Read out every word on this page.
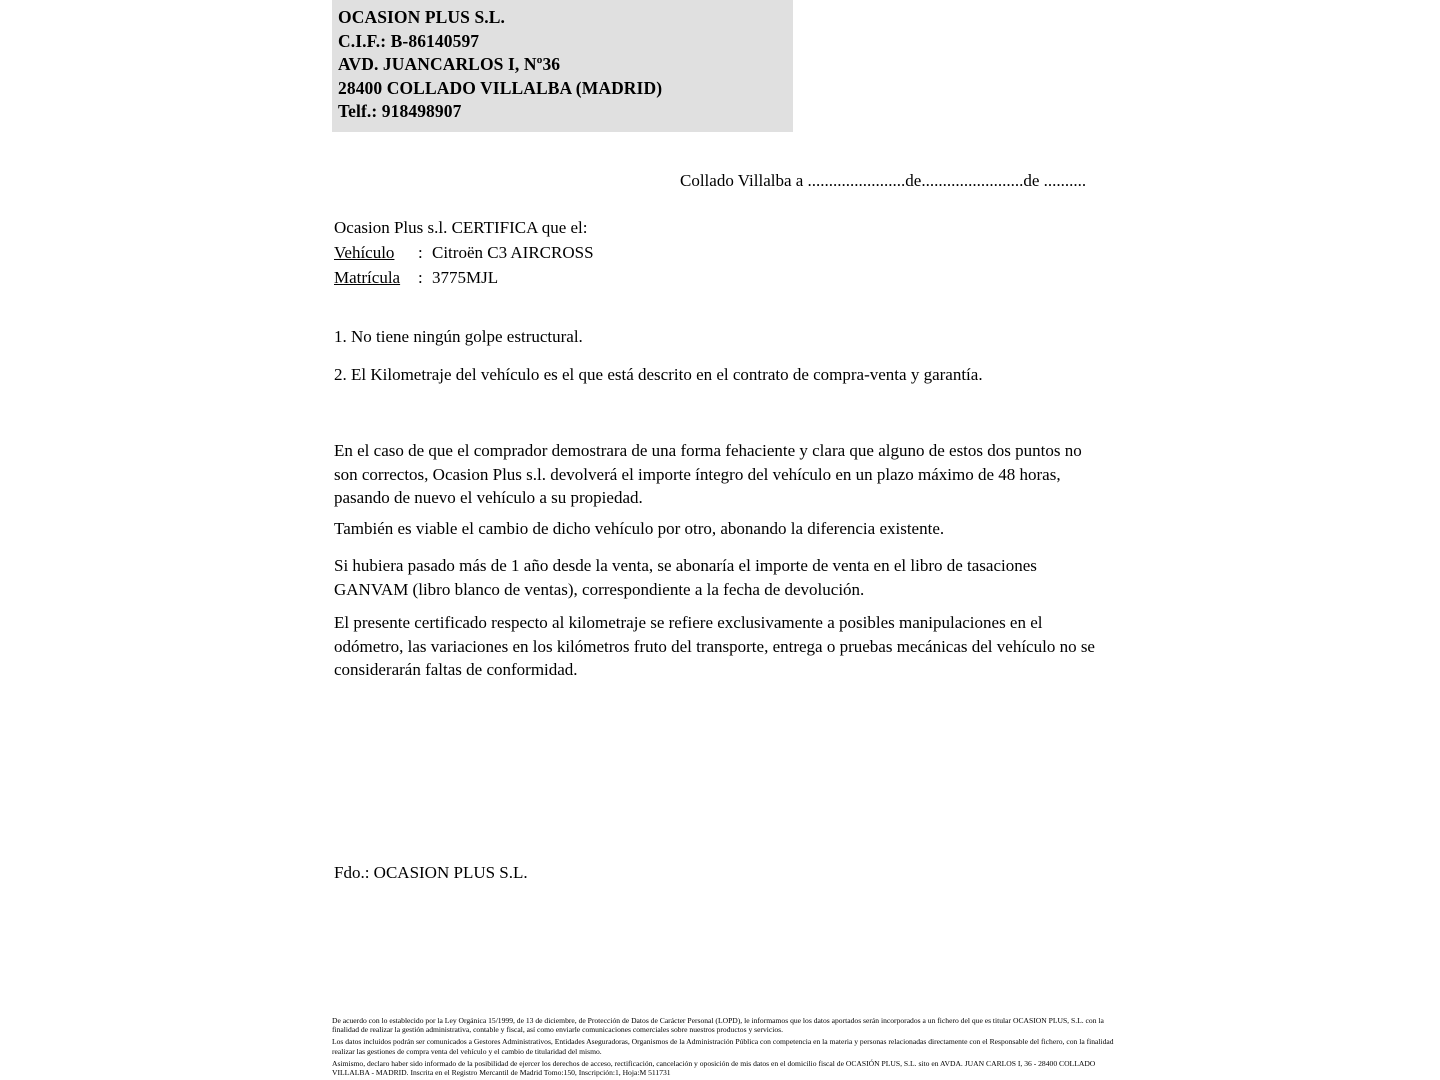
OCASION PLUS S.L.
C.I.F.: B-86140597
AVD. JUANCARLOS I, Nº36
28400 COLLADO VILLALBA (MADRID)
Telf.: 918498907
Collado Villalba a .......................de........................de ..........
Ocasion Plus s.l. CERTIFICA que el:
Vehículo	: Citroën C3 AIRCROSS
Matrícula	: 3775MJL
1. No tiene ningún golpe estructural.
2. El Kilometraje del vehículo es el que está descrito en el contrato de compra-venta y garantía.
En el caso de que el comprador demostrara de una forma fehaciente y clara que alguno de estos dos puntos no son correctos, Ocasion Plus s.l. devolverá el importe íntegro del vehículo en un plazo máximo de 48 horas, pasando de nuevo el vehículo a su propiedad.
También es viable el cambio de dicho vehículo por otro, abonando la diferencia existente.
Si hubiera pasado más de 1 año desde la venta, se abonaría el importe de venta en el libro de tasaciones GANVAM (libro blanco de ventas), correspondiente a la fecha de devolución.
El presente certificado respecto al kilometraje se refiere exclusivamente a posibles manipulaciones en el odómetro, las variaciones en los kilómetros fruto del transporte, entrega o pruebas mecánicas del vehículo no se considerarán faltas de conformidad.
Fdo.: OCASION PLUS S.L.

De acuerdo con lo establecido por la Ley Orgánica 15/1999, de 13 de diciembre, de Protección de Datos de Carácter Personal (LOPD), le informamos que los datos aportados serán incorporados a un fichero del que es titular OCASION PLUS, S.L. con la finalidad de realizar la gestión administrativa, contable y fiscal, así como enviarle comunicaciones comerciales sobre nuestros productos y servicios.

Los datos incluidos podrán ser comunicados a Gestores Administrativos, Entidades Aseguradoras, Organismos de la Administración Pública con competencia en la materia y personas relacionadas directamente con el Responsable del fichero, con la finalidad realizar las gestiones de compra venta del vehículo y el cambio de titularidad del mismo.

Asimismo, declaro haber sido informado de la posibilidad de ejercer los derechos de acceso, rectificación, cancelación y oposición de mis datos en el domicilio fiscal de OCASIÓN PLUS, S.L. sito en AVDA. JUAN CARLOS I, 36 - 28400 COLLADO VILLALBA - MADRID. Inscrita en el Registro Mercantil de Madrid Tomo:150, Inscripción:1, Hoja:M 511731
